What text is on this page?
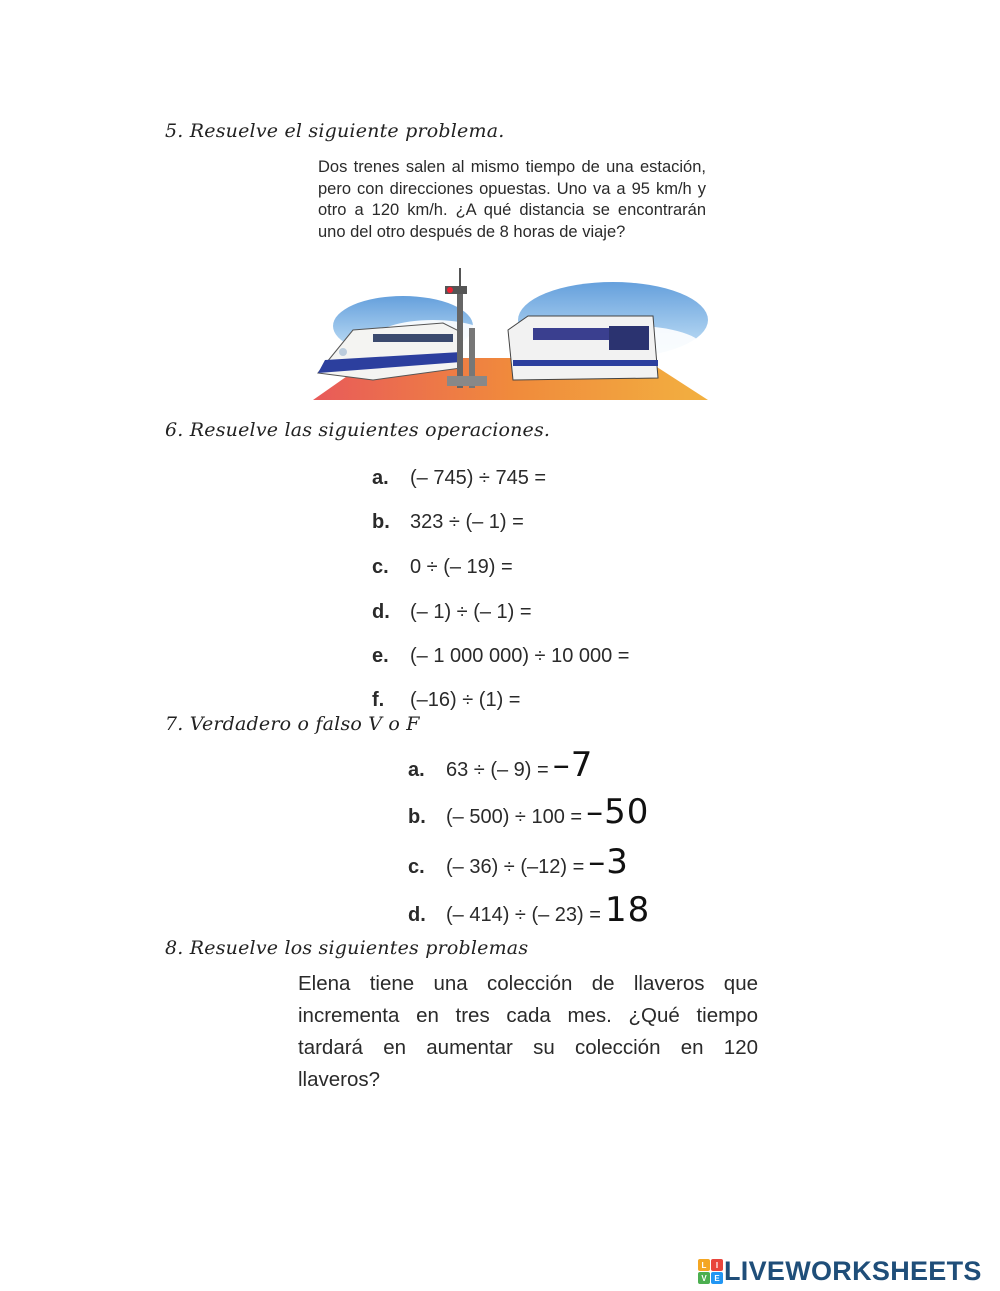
5. Resuelve el siguiente problema.
Dos trenes salen al mismo tiempo de una estación, pero con direcciones opuestas. Uno va a 95 km/h y otro a 120 km/h. ¿A qué distancia se encontrarán uno del otro después de 8 horas de viaje?
6. Resuelve las siguientes operaciones.
a.	(– 745) ÷ 745 =
b.	323 ÷ (– 1) =
c.	0 ÷ (– 19) =
d.	(– 1) ÷ (– 1) =
e.	(– 1 000 000) ÷ 10 000 =
f.	(–16) ÷ (1) =
7. Verdadero o falso V o F
a.	63 ÷ (– 9) = –7
b.	(– 500) ÷ 100 = –50
c.	(– 36) ÷ (–12) = –3
d.	(– 414) ÷ (– 23) = 18
8. Resuelve los siguientes problemas
Elena tiene una colección de llaveros que incrementa en tres cada mes. ¿Qué tiempo tardará en aumentar su colección en 120 llaveros?
L I
V E LIVEWORKSHEETS
